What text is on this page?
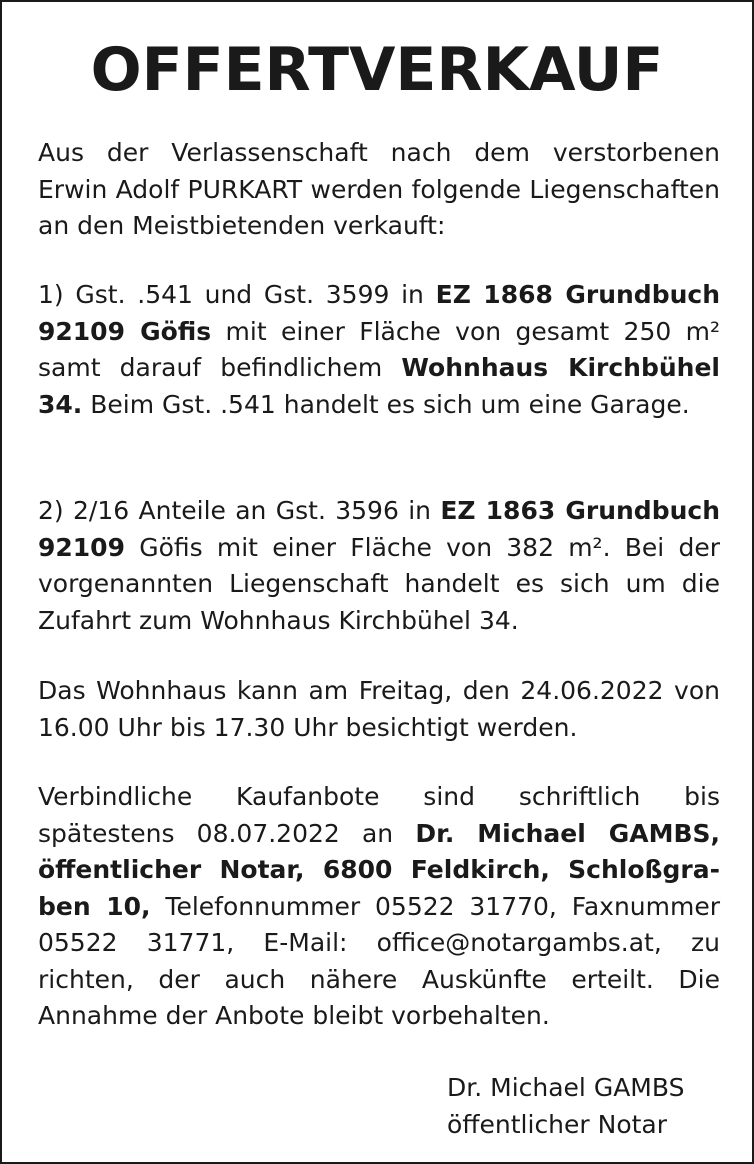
OFFERTVERKAUF

Aus der Verlassenschaft nach dem verstorbenen Erwin Adolf PURKART werden folgende Liegenschaften an den Meistbietenden verkauft:

1) Gst. .541 und Gst. 3599 in EZ 1868 Grundbuch 92109 Göfis mit einer Fläche von gesamt 250 m² samt darauf befindlichem Wohnhaus Kirchbühel 34. Beim Gst. .541 handelt es sich um eine Garage.

2) 2/16 Anteile an Gst. 3596 in EZ 1863 Grundbuch 92109 Göfis mit einer Fläche von 382 m². Bei der vorgenannten Liegenschaft handelt es sich um die Zufahrt zum Wohnhaus Kirchbühel 34.

Das Wohnhaus kann am Freitag, den 24.06.2022 von 16.00 Uhr bis 17.30 Uhr besichtigt werden.

Verbindliche Kaufanbote sind schriftlich bis spätestens 08.07.2022 an Dr. Michael GAMBS, öffentlicher Notar, 6800 Feldkirch, Schloßgraben 10, Telefonnummer 05522 31770, Faxnummer 05522 31771, E-Mail: office@notargambs.at, zu richten, der auch nähere Auskünfte erteilt. Die Annahme der Anbote bleibt vorbehalten.

Dr. Michael GAMBS
öffentlicher Notar
